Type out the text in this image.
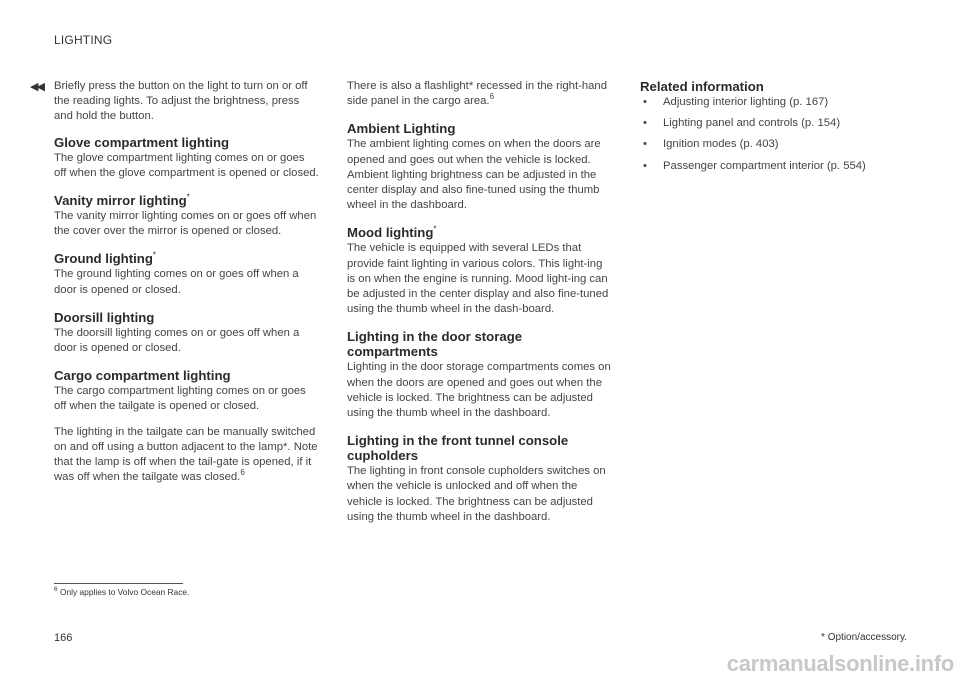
LIGHTING
◀◀ Briefly press the button on the light to turn on or off the reading lights. To adjust the brightness, press and hold the button.

Glove compartment lighting

The glove compartment lighting comes on or goes off when the glove compartment is opened or closed.

Vanity mirror lighting*

The vanity mirror lighting comes on or goes off when the cover over the mirror is opened or closed.

Ground lighting*

The ground lighting comes on or goes off when a door is opened or closed.

Doorsill lighting

The doorsill lighting comes on or goes off when a door is opened or closed.

Cargo compartment lighting

The cargo compartment lighting comes on or goes off when the tailgate is opened or closed.

The lighting in the tailgate can be manually switched on and off using a button adjacent to the lamp*. Note that the lamp is off when the tail-gate is opened, if it was off when the tailgate was closed.$^6$

There is also a flashlight* recessed in the right-hand side panel in the cargo area.$^6$

Ambient Lighting

The ambient lighting comes on when the doors are opened and goes out when the vehicle is locked. Ambient lighting brightness can be adjusted in the center display and also fine-tuned using the thumb wheel in the dashboard.

Mood lighting*

The vehicle is equipped with several LEDs that provide faint lighting in various colors. This light-ing is on when the engine is running. Mood light-ing can be adjusted in the center display and also fine-tuned using the thumb wheel in the dash-board.

Lighting in the door storage compartments

Lighting in the door storage compartments comes on when the doors are opened and goes out when the vehicle is locked. The brightness can be adjusted using the thumb wheel in the dashboard.

Lighting in the front tunnel console cupholders

The lighting in front console cupholders switches on when the vehicle is unlocked and off when the vehicle is locked. The brightness can be adjusted using the thumb wheel in the dashboard.

Related information
• Adjusting interior lighting (p. 167)
• Lighting panel and controls (p. 154)
• Ignition modes (p. 403)
• Passenger compartment interior (p. 554)
$^6$ Only applies to Volvo Ocean Race.
166	* Option/accessory.
carmanualsonline.info
